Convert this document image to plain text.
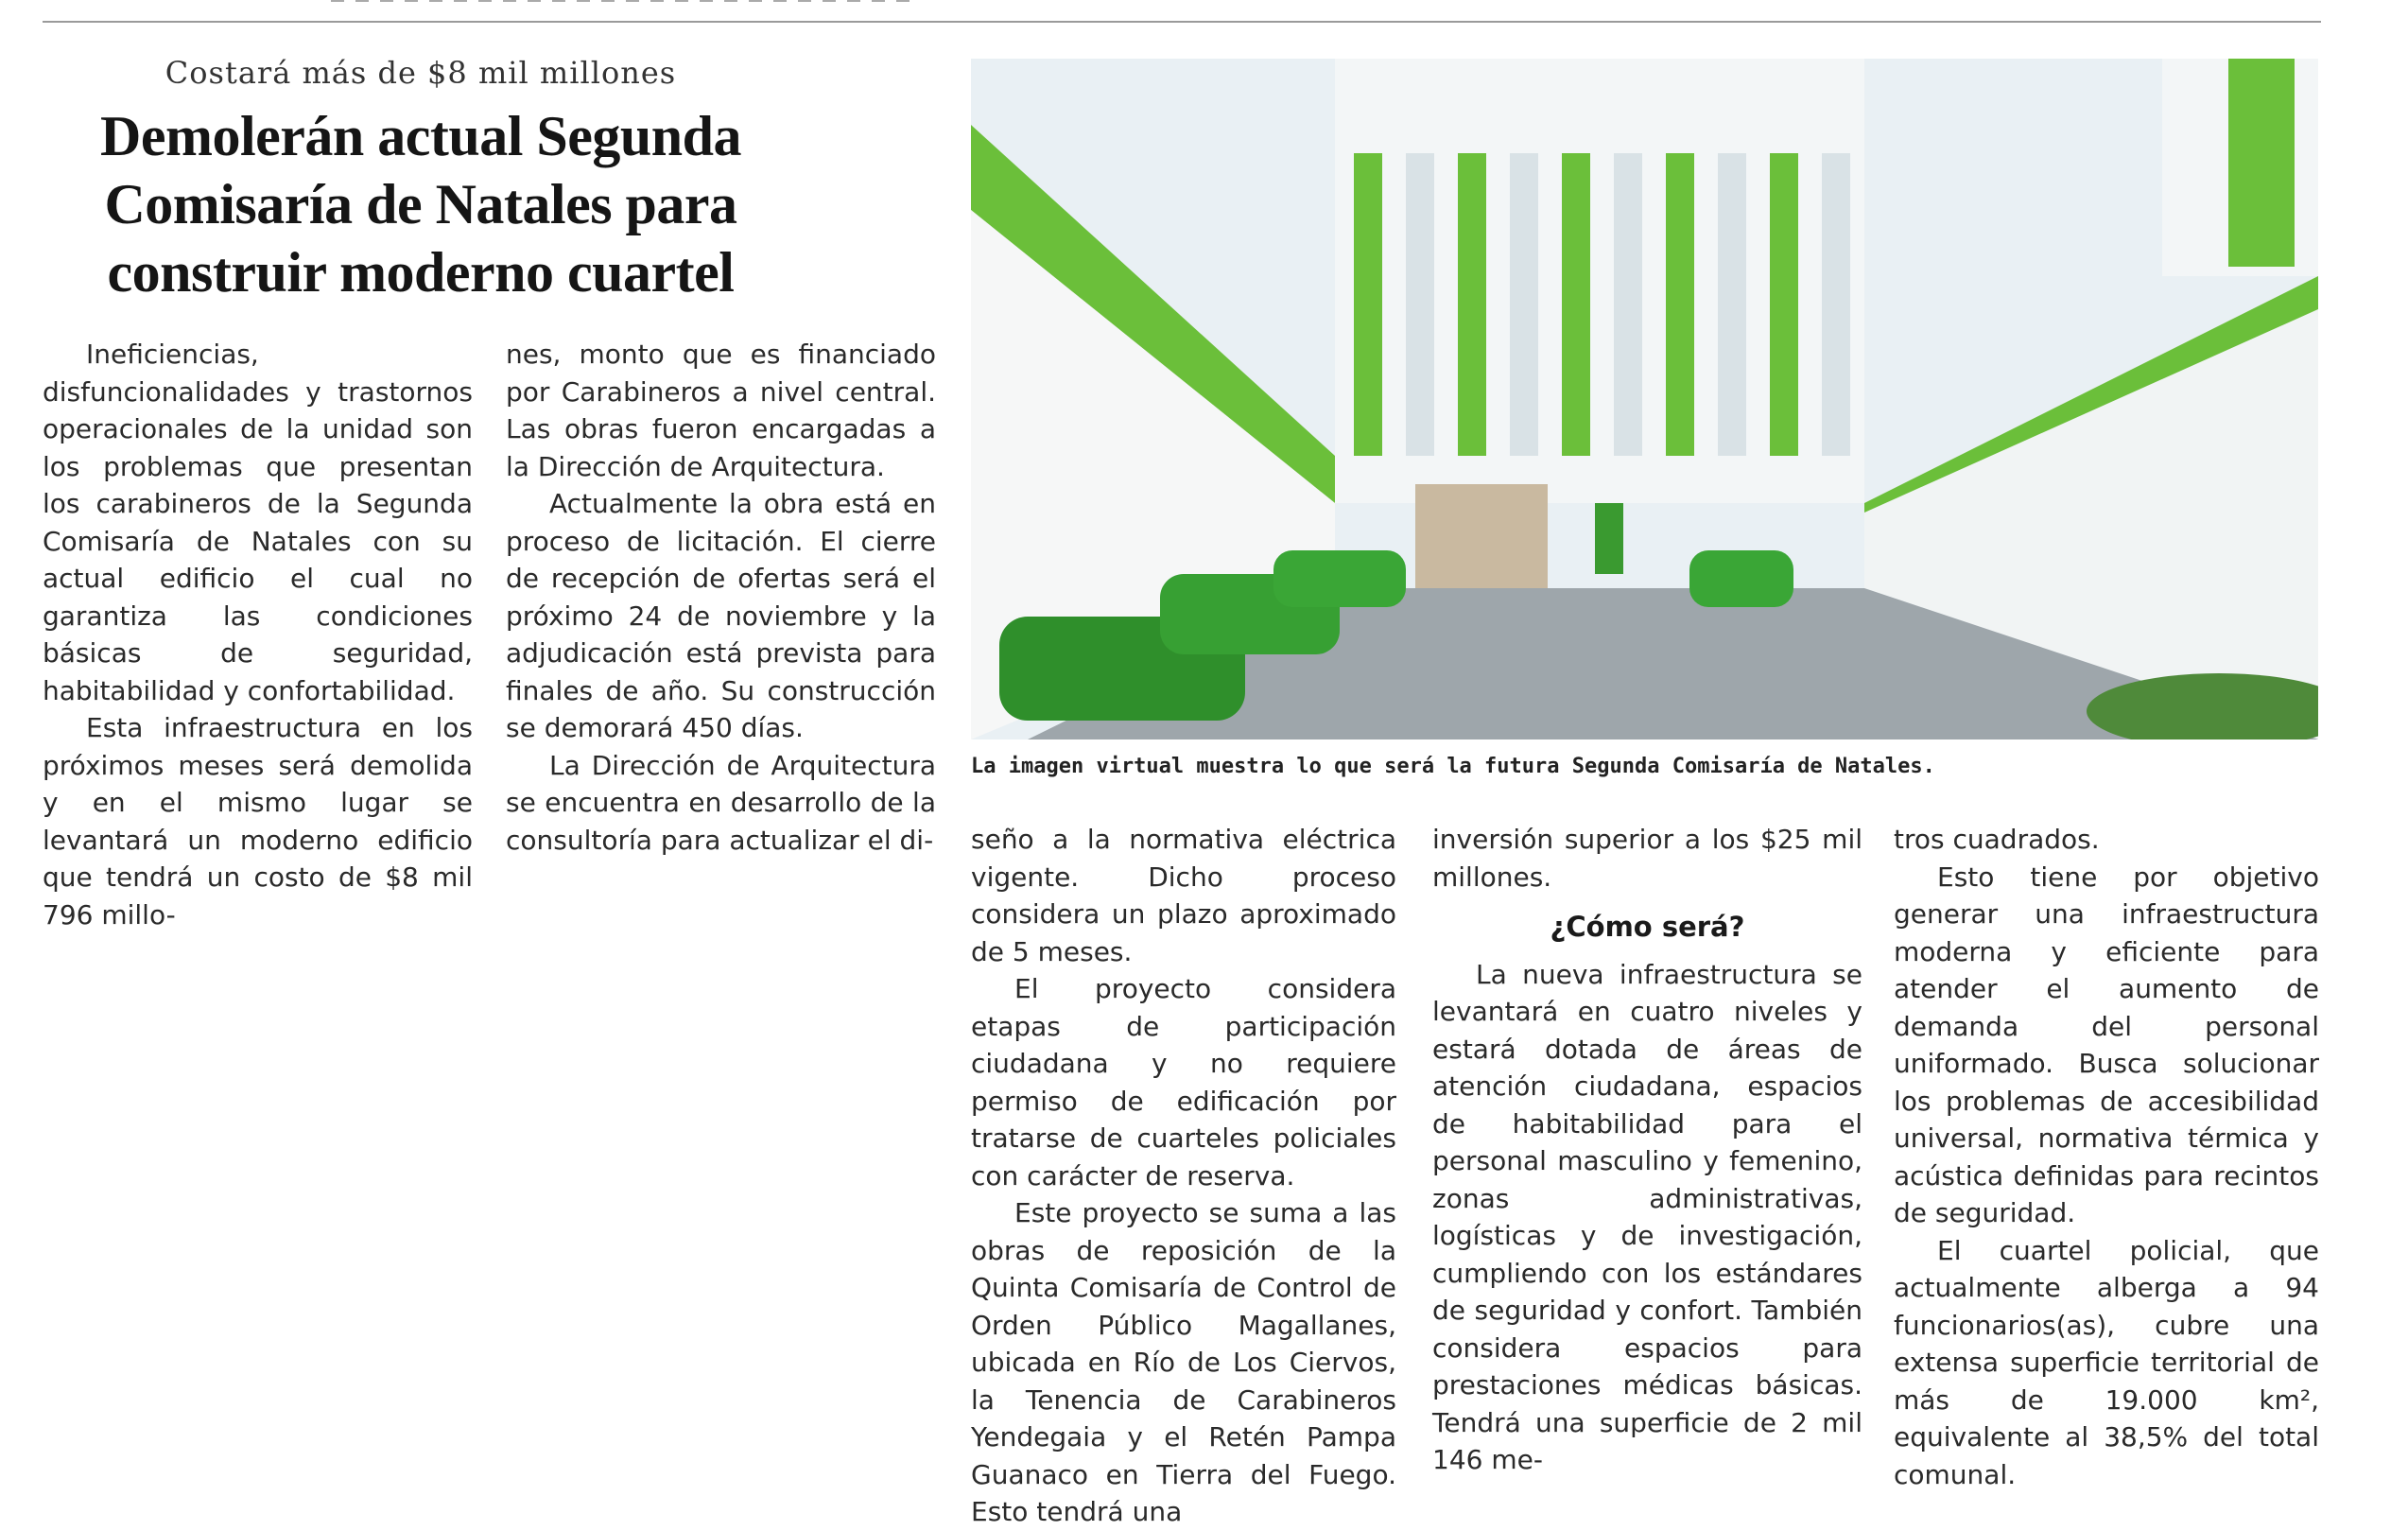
Costará más de $8 mil millones
Demolerán actual Segunda Comisaría de Natales para construir moderno cuartel

Ineficiencias, disfuncionalidades y trastornos operacionales de la unidad son los problemas que presentan los carabineros de la Segunda Comisaría de Natales con su actual edificio el cual no garantiza las condiciones básicas de seguridad, habitabilidad y confortabilidad.

Esta infraestructura en los próximos meses será demolida y en el mismo lugar se levantará un moderno edificio que tendrá un costo de $8 mil 796 millo-

nes, monto que es financiado por Carabineros a nivel central. Las obras fueron encargadas a la Dirección de Arquitectura.

Actualmente la obra está en proceso de licitación. El cierre de recepción de ofertas será el próximo 24 de noviembre y la adjudicación está prevista para finales de año. Su construcción se demorará 450 días.

La Dirección de Arquitectura se encuentra en desarrollo de la consultoría para actualizar el di-

La imagen virtual muestra lo que será la futura Segunda Comisaría de Natales.

seño a la normativa eléctrica vigente. Dicho proceso considera un plazo aproximado de 5 meses.

El proyecto considera etapas de participación ciudadana y no requiere permiso de edificación por tratarse de cuarteles policiales con carácter de reserva.

Este proyecto se suma a las obras de reposición de la Quinta Comisaría de Control de Orden Público Magallanes, ubicada en Río de Los Ciervos, la Tenencia de Carabineros Yendegaia y el Retén Pampa Guanaco en Tierra del Fuego. Esto tendrá una

inversión superior a los $25 mil millones.

¿Cómo será?

La nueva infraestructura se levantará en cuatro niveles y estará dotada de áreas de atención ciudadana, espacios de habitabilidad para el personal masculino y femenino, zonas administrativas, logísticas y de investigación, cumpliendo con los estándares de seguridad y confort. También considera espacios para prestaciones médicas básicas. Tendrá una superficie de 2 mil 146 me-

tros cuadrados.

Esto tiene por objetivo generar una infraestructura moderna y eficiente para atender el aumento de demanda del personal uniformado. Busca solucionar los problemas de accesibilidad universal, normativa térmica y acústica definidas para recintos de seguridad.

El cuartel policial, que actualmente alberga a 94 funcionarios(as), cubre una extensa superficie territorial de más de 19.000 km², equivalente al 38,5% del total comunal.
